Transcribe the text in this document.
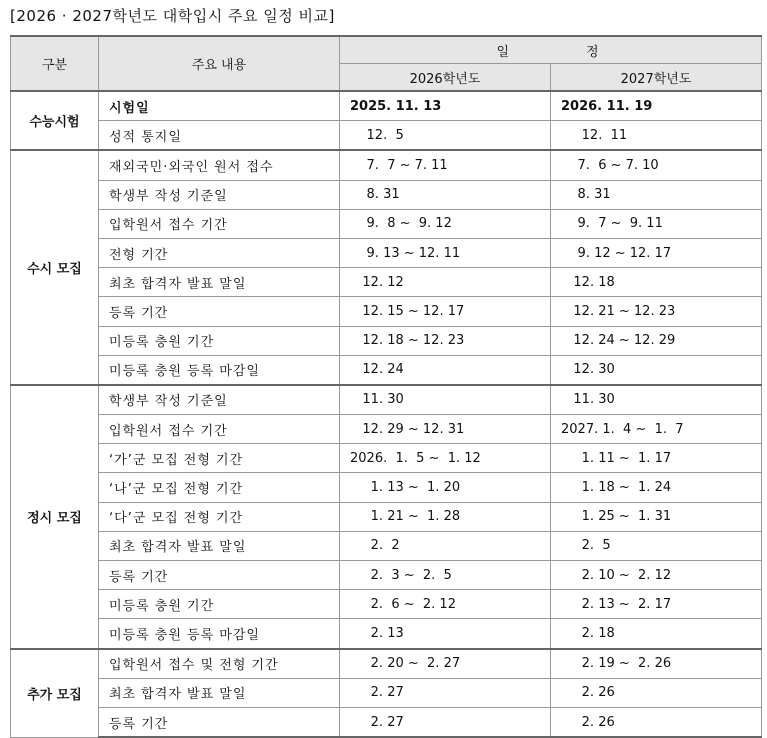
[2026 · 2027학년도 대학입시 주요 일정 비교]
구분	주요 내용	일       정	
		2026학년도	2027학년도
수능시험	시험일	2025. 11. 13	2026. 11. 19
	성적 통지일	12.  5	12.  11
수시 모집	재외국민·외국인 원서 접수	7.  7 ~ 7. 11	7.  6 ~ 7. 10
	학생부 작성 기준일	8. 31	8. 31
	입학원서 접수 기간	9.  8 ~  9. 12	9.  7 ~  9. 11
	전형 기간	9. 13 ~ 12. 11	9. 12 ~ 12. 17
	최초 합격자 발표 말일	12. 12	12. 18
	등록 기간	12. 15 ~ 12. 17	12. 21 ~ 12. 23
	미등록 충원 기간	12. 18 ~ 12. 23	12. 24 ~ 12. 29
	미등록 충원 등록 마감일	12. 24	12. 30
정시 모집	학생부 작성 기준일	11. 30	11. 30
	입학원서 접수 기간	12. 29 ~ 12. 31	2027. 1.  4 ~  1.  7
	‘가’군 모집 전형 기간	2026.  1.  5 ~  1. 12	1. 11 ~  1. 17
	‘나’군 모집 전형 기간	1. 13 ~  1. 20	1. 18 ~  1. 24
	‘다’군 모집 전형 기간	1. 21 ~  1. 28	1. 25 ~  1. 31
	최초 합격자 발표 말일	2.  2	2.  5
	등록 기간	2.  3 ~  2.  5	2. 10 ~  2. 12
	미등록 충원 기간	2.  6 ~  2. 12	2. 13 ~  2. 17
	미등록 충원 등록 마감일	2. 13	2. 18
추가 모집	입학원서 접수 및 전형 기간	2. 20 ~  2. 27	2. 19 ~  2. 26
	최초 합격자 발표 말일	2. 27	2. 26
	등록 기간	2. 27	2. 26
